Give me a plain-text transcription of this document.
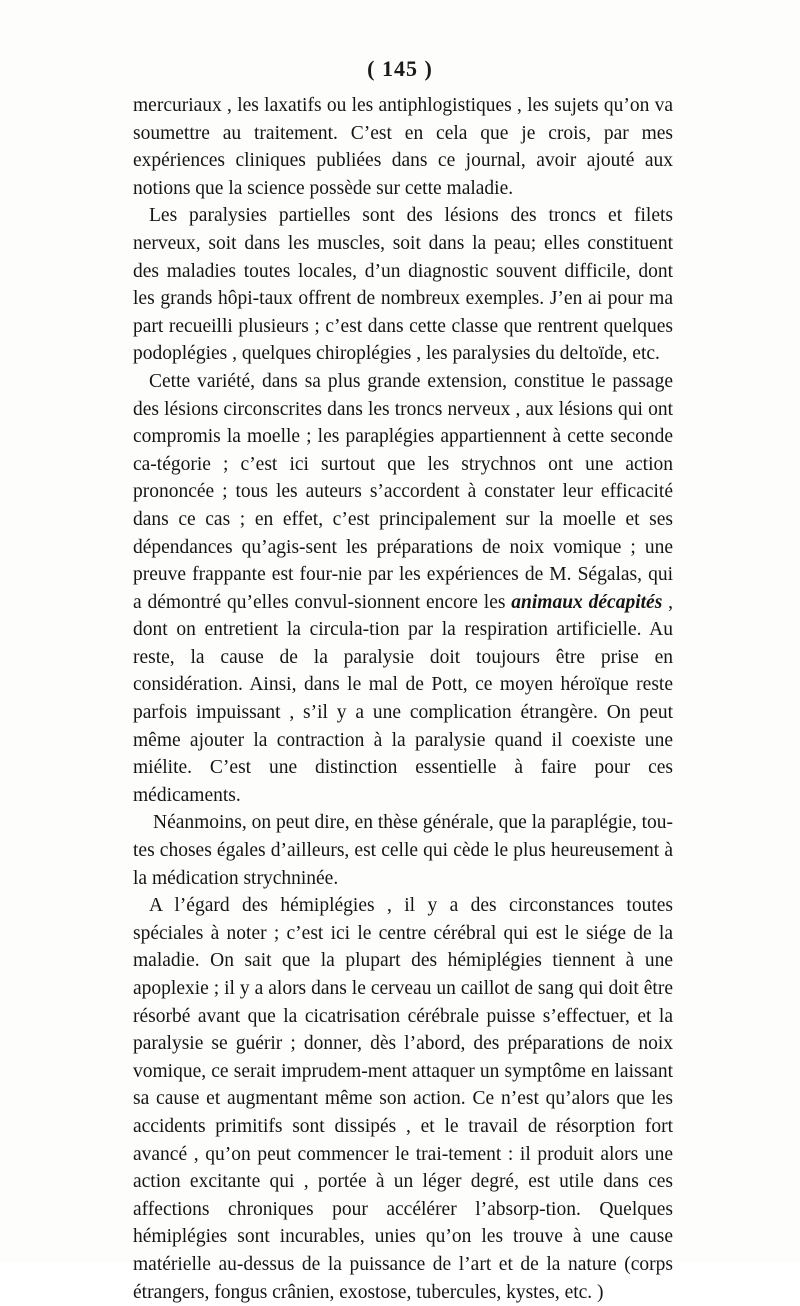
( 145 )

mercuriaux , les laxatifs ou les antiphlogistiques , les sujets qu’on va soumettre au traitement. C’est en cela que je crois, par mes expériences cliniques publiées dans ce journal, avoir ajouté aux notions que la science possède sur cette maladie.

Les paralysies partielles sont des lésions des troncs et filets nerveux, soit dans les muscles, soit dans la peau; elles constituent des maladies toutes locales, d’un diagnostic souvent difficile, dont les grands hôpi-taux offrent de nombreux exemples. J’en ai pour ma part recueilli plusieurs ; c’est dans cette classe que rentrent quelques podoplégies , quelques chiroplégies , les paralysies du deltoïde, etc.

Cette variété, dans sa plus grande extension, constitue le passage des lésions circonscrites dans les troncs nerveux , aux lésions qui ont compromis la moelle ; les paraplégies appartiennent à cette seconde ca-tégorie ; c’est ici surtout que les strychnos ont une action prononcée ; tous les auteurs s’accordent à constater leur efficacité dans ce cas ; en effet, c’est principalement sur la moelle et ses dépendances qu’agis-sent les préparations de noix vomique ; une preuve frappante est four-nie par les expériences de M. Ségalas, qui a démontré qu’elles convul-sionnent encore les animaux décapités , dont on entretient la circula-tion par la respiration artificielle. Au reste, la cause de la paralysie doit toujours être prise en considération. Ainsi, dans le mal de Pott, ce moyen héroïque reste parfois impuissant , s’il y a une complication étrangère. On peut même ajouter la contraction à la paralysie quand il coexiste une miélite. C’est une distinction essentielle à faire pour ces médicaments.

Néanmoins, on peut dire, en thèse générale, que la paraplégie, tou-tes choses égales d’ailleurs, est celle qui cède le plus heureusement à la médication strychninée.

A l’égard des hémiplégies , il y a des circonstances toutes spéciales à noter ; c’est ici le centre cérébral qui est le siége de la maladie. On sait que la plupart des hémiplégies tiennent à une apoplexie ; il y a alors dans le cerveau un caillot de sang qui doit être résorbé avant que la cicatrisation cérébrale puisse s’effectuer, et la paralysie se guérir ; donner, dès l’abord, des préparations de noix vomique, ce serait imprudem-ment attaquer un symptôme en laissant sa cause et augmentant même son action. Ce n’est qu’alors que les accidents primitifs sont dissipés , et le travail de résorption fort avancé , qu’on peut commencer le trai-tement : il produit alors une action excitante qui , portée à un léger degré, est utile dans ces affections chroniques pour accélérer l’absorp-tion. Quelques hémiplégies sont incurables, unies qu’on les trouve à une cause matérielle au-dessus de la puissance de l’art et de la nature (corps étrangers, fongus crânien, exostose, tubercules, kystes, etc. )
